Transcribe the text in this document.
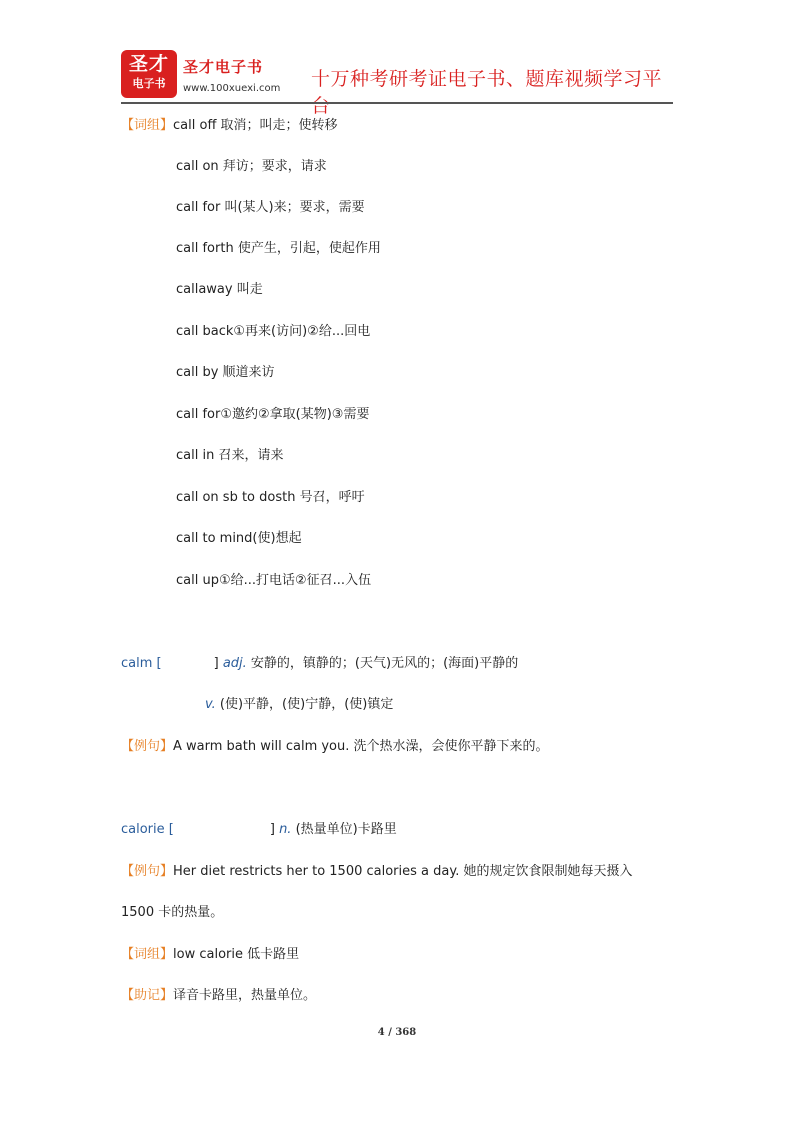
圣才
电子书
圣才电子书
www.100xuexi.com 十万种考研考证电子书、题库视频学习平台
【词组】call off 取消；叫走；使转移
call on 拜访；要求，请求
call for 叫(某人)来；要求，需要
call forth 使产生，引起，使起作用
callaway 叫走
call back①再来(访问)②给...回电
call by 顺道来访
call for①邀约②拿取(某物)③需要
call in 召来，请来
call on sb to dosth 号召，呼吁
call to mind(使)想起
call up①给...打电话②征召...入伍
calm [	] adj. 安静的，镇静的；(天气)无风的；(海面)平静的
v. (使)平静，(使)宁静，(使)镇定
【例句】A warm bath will calm you. 洗个热水澡，会使你平静下来的。
calorie [	] n. (热量单位)卡路里
【例句】Her diet restricts her to 1500 calories a day. 她的规定饮食限制她每天摄入
1500 卡的热量。
【词组】low calorie 低卡路里
【助记】译音卡路里，热量单位。
4 / 368
